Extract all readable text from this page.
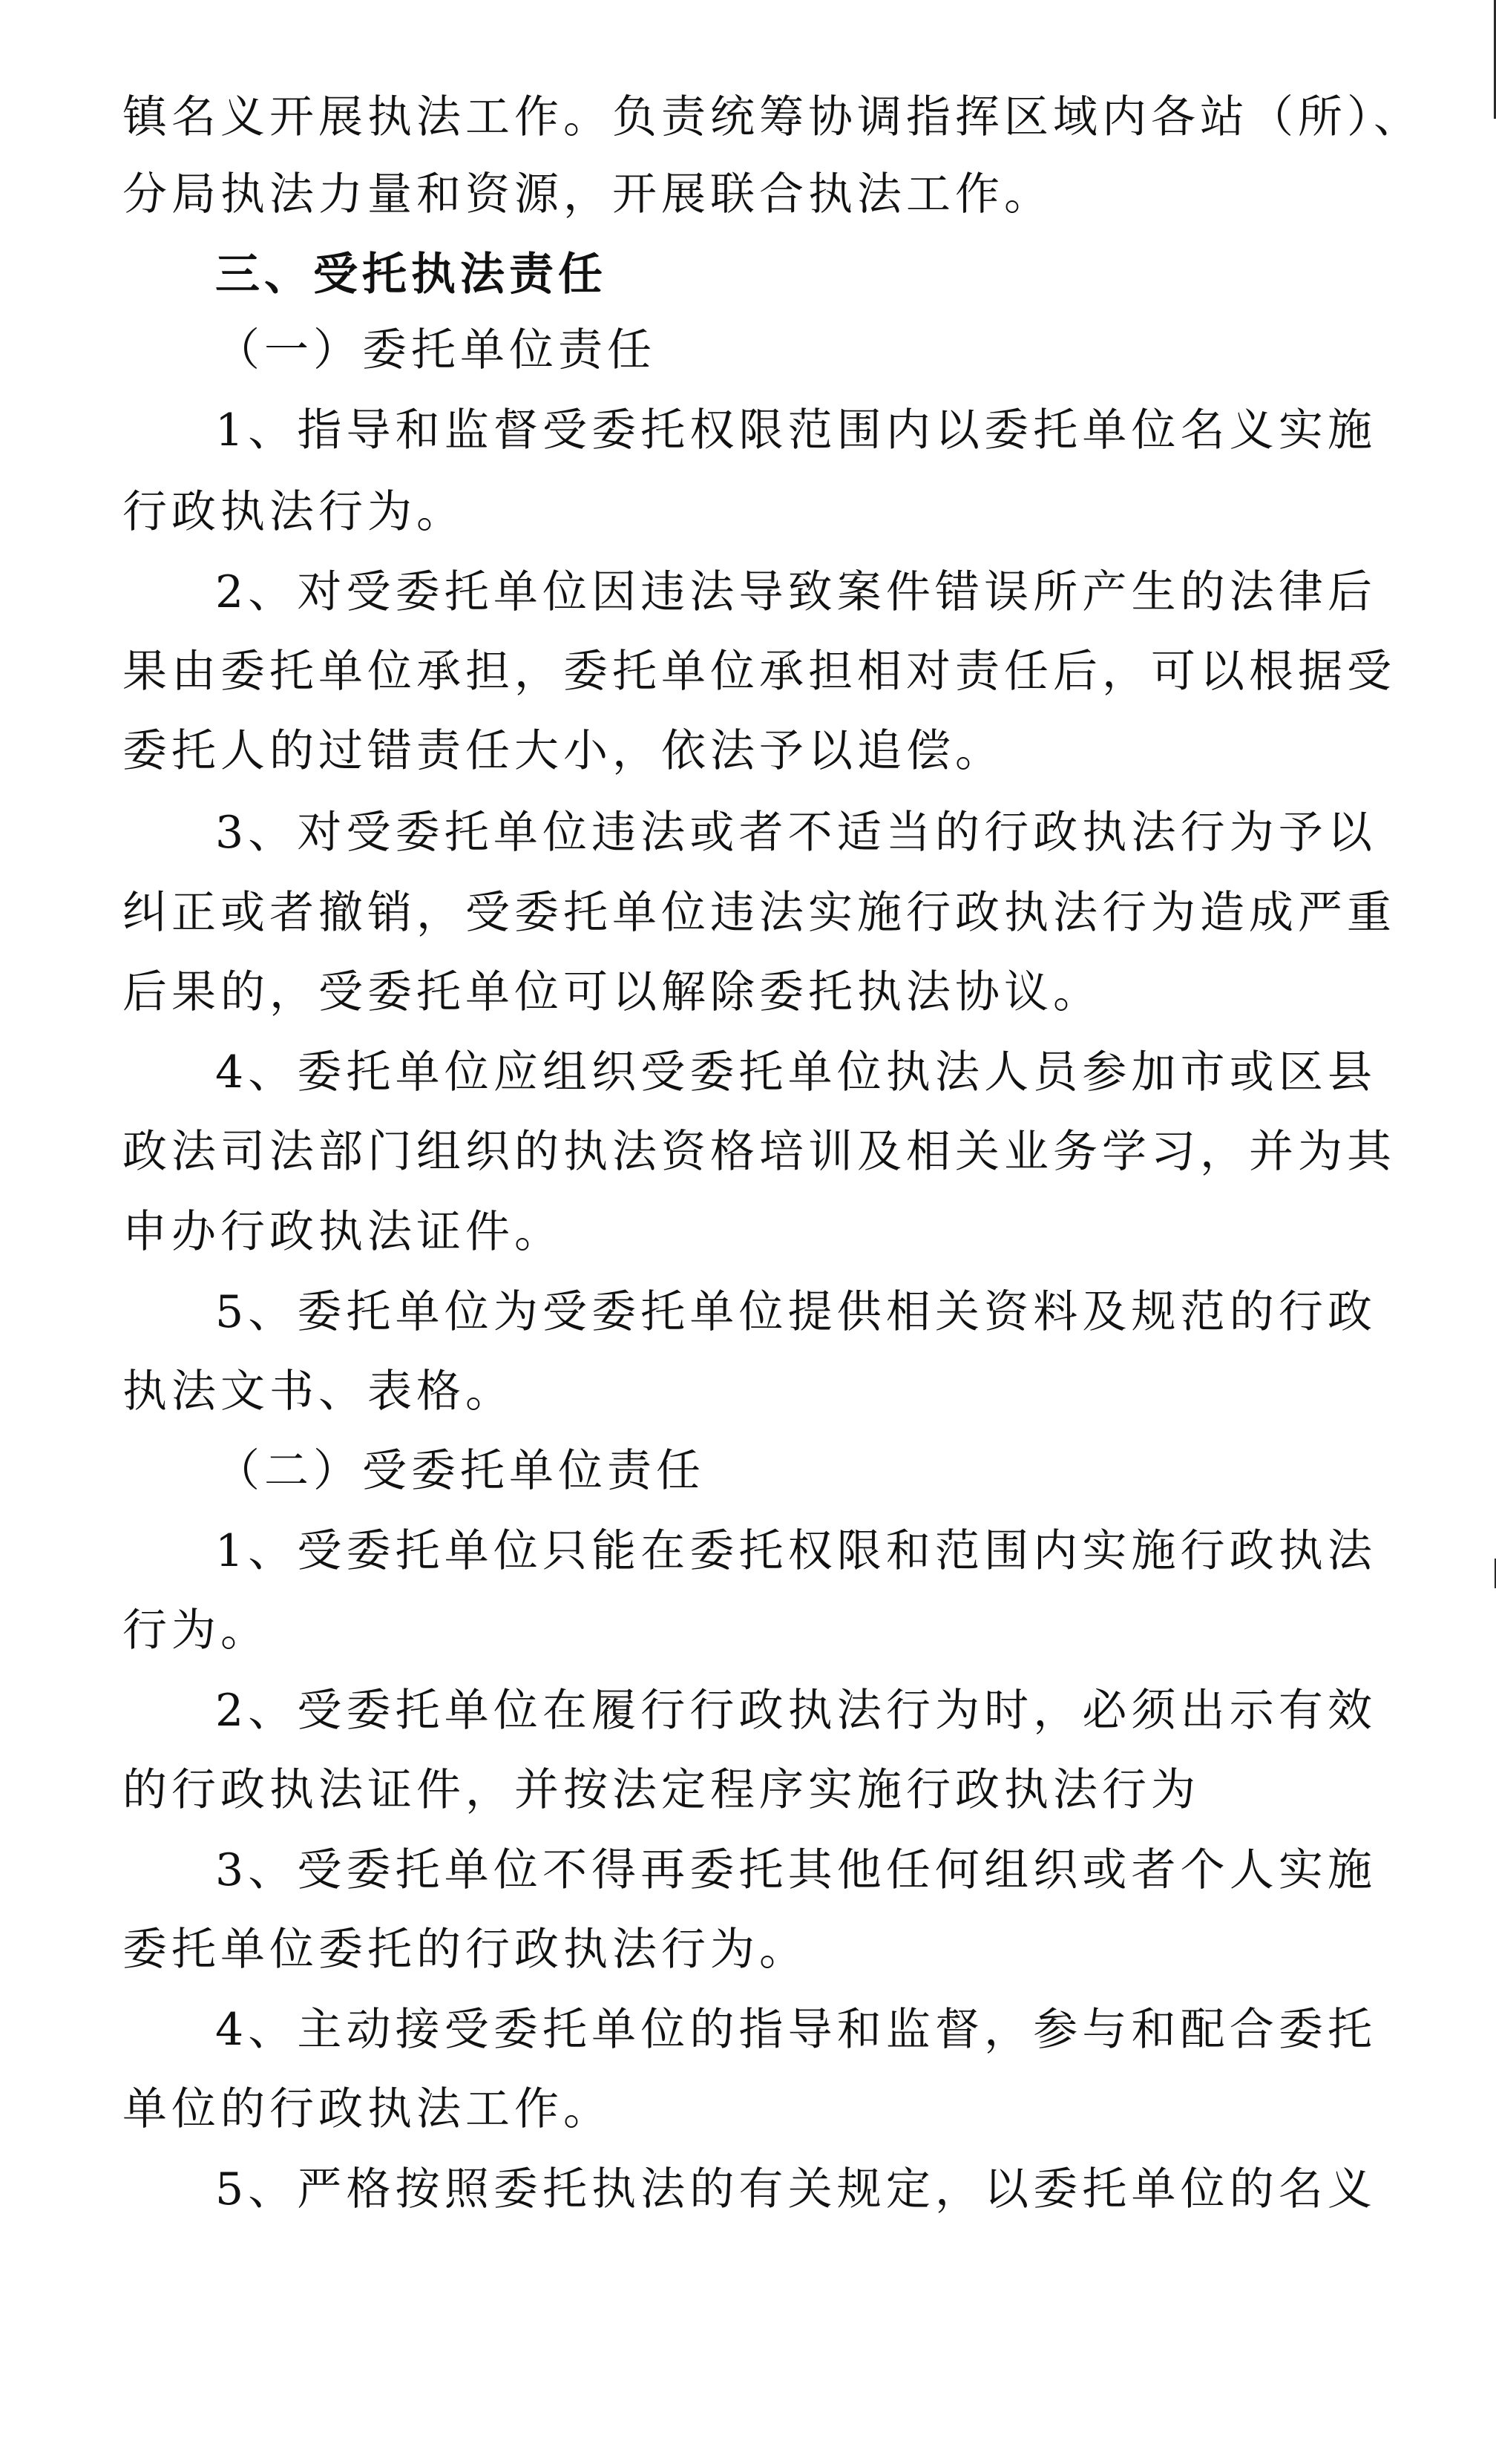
镇名义开展执法工作。负责统筹协调指挥区域内各站（所）、
分局执法力量和资源，开展联合执法工作。
三、受托执法责任
（一）委托单位责任
1、指导和监督受委托权限范围内以委托单位名义实施
行政执法行为。
2、对受委托单位因违法导致案件错误所产生的法律后
果由委托单位承担，委托单位承担相对责任后，可以根据受
委托人的过错责任大小，依法予以追偿。
3、对受委托单位违法或者不适当的行政执法行为予以
纠正或者撤销，受委托单位违法实施行政执法行为造成严重
后果的，受委托单位可以解除委托执法协议。
4、委托单位应组织受委托单位执法人员参加市或区县
政法司法部门组织的执法资格培训及相关业务学习，并为其
申办行政执法证件。
5、委托单位为受委托单位提供相关资料及规范的行政
执法文书、表格。
（二）受委托单位责任
1、受委托单位只能在委托权限和范围内实施行政执法
行为。
2、受委托单位在履行行政执法行为时，必须出示有效
的行政执法证件，并按法定程序实施行政执法行为
3、受委托单位不得再委托其他任何组织或者个人实施
委托单位委托的行政执法行为。
4、主动接受委托单位的指导和监督，参与和配合委托
单位的行政执法工作。
5、严格按照委托执法的有关规定，以委托单位的名义
